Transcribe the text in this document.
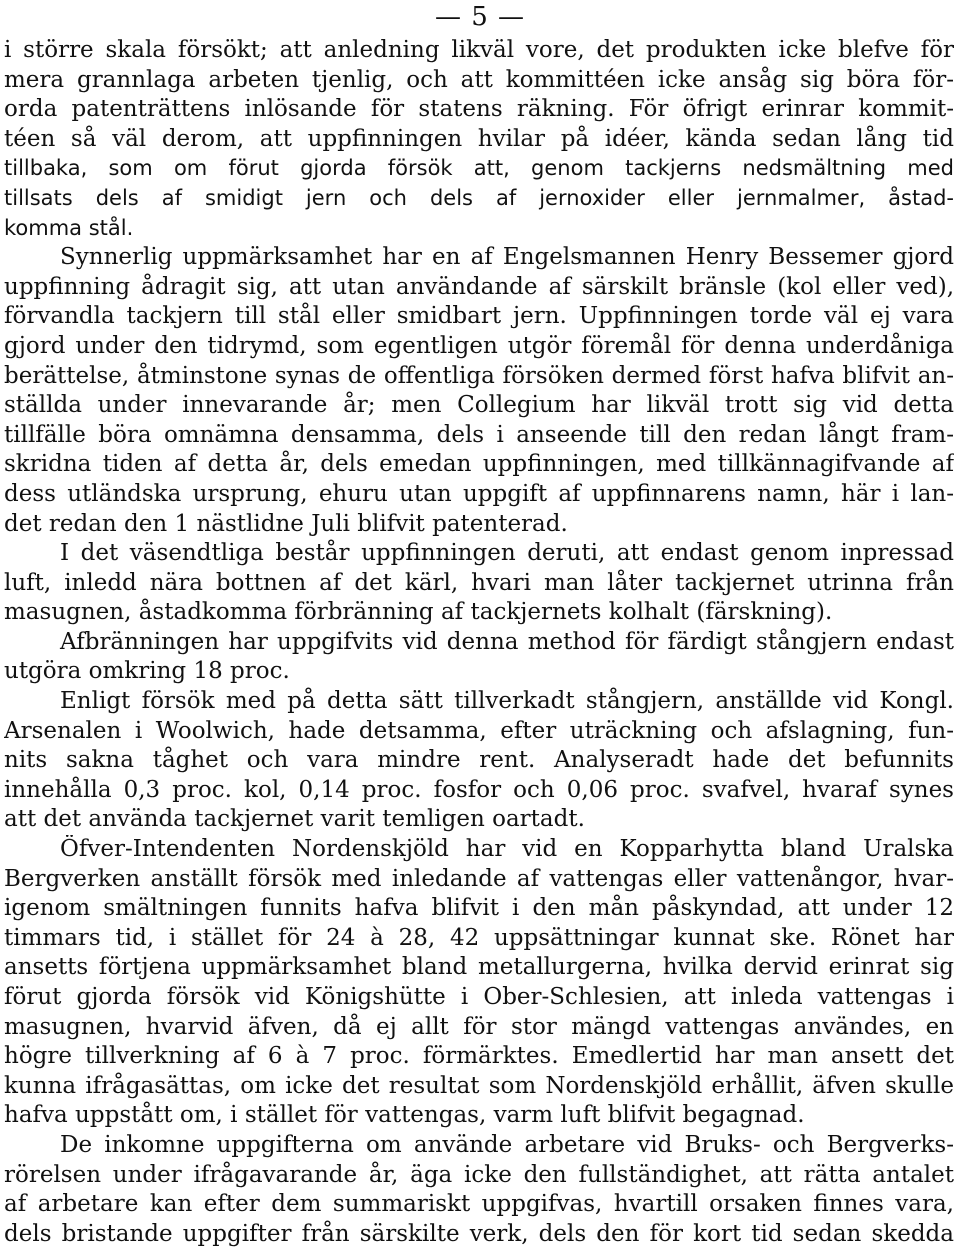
— 5 —
i större skala försökt; att anledning likväl vore, det produkten icke blefve för
mera grannlaga arbeten tjenlig, och att kommittéen icke ansåg sig böra för-
orda patenträttens inlösande för statens räkning. För öfrigt erinrar kommit-
téen så väl derom, att uppfinningen hvilar på idéer, kända sedan lång tid
tillbaka, som om förut gjorda försök att, genom tackjerns nedsmältning med
tillsats dels af smidigt jern och dels af jernoxider eller jernmalmer, åstad-
komma stål.
Synnerlig uppmärksamhet har en af Engelsmannen Henry Bessemer gjord
uppfinning ådragit sig, att utan användande af särskilt bränsle (kol eller ved),
förvandla tackjern till stål eller smidbart jern. Uppfinningen torde väl ej vara
gjord under den tidrymd, som egentligen utgör föremål för denna underdåniga
berättelse, åtminstone synas de offentliga försöken dermed först hafva blifvit an-
ställda under innevarande år; men Collegium har likväl trott sig vid detta
tillfälle böra omnämna densamma, dels i anseende till den redan långt fram-
skridna tiden af detta år, dels emedan uppfinningen, med tillkännagifvande af
dess utländska ursprung, ehuru utan uppgift af uppfinnarens namn, här i lan-
det redan den 1 nästlidne Juli blifvit patenterad.
I det väsendtliga består uppfinningen deruti, att endast genom inpressad
luft, inledd nära bottnen af det kärl, hvari man låter tackjernet utrinna från
masugnen, åstadkomma förbränning af tackjernets kolhalt (färskning).
Afbränningen har uppgifvits vid denna method för färdigt stångjern endast
utgöra omkring 18 proc.
Enligt försök med på detta sätt tillverkadt stångjern, anställde vid Kongl.
Arsenalen i Woolwich, hade detsamma, efter uträckning och afslagning, fun-
nits sakna tåghet och vara mindre rent. Analyseradt hade det befunnits
innehålla 0,3 proc. kol, 0,14 proc. fosfor och 0,06 proc. svafvel, hvaraf synes
att det använda tackjernet varit temligen oartadt.
Öfver-Intendenten Nordenskjöld har vid en Kopparhytta bland Uralska
Bergverken anställt försök med inledande af vattengas eller vattenångor, hvar-
igenom smältningen funnits hafva blifvit i den mån påskyndad, att under 12
timmars tid, i stället för 24 à 28, 42 uppsättningar kunnat ske. Rönet har
ansetts förtjena uppmärksamhet bland metallurgerna, hvilka dervid erinrat sig
förut gjorda försök vid Königshütte i Ober-Schlesien, att inleda vattengas i
masugnen, hvarvid äfven, då ej allt för stor mängd vattengas användes, en
högre tillverkning af 6 à 7 proc. förmärktes. Emedlertid har man ansett det
kunna ifrågasättas, om icke det resultat som Nordenskjöld erhållit, äfven skulle
hafva uppstått om, i stället för vattengas, varm luft blifvit begagnad.
De inkomne uppgifterna om använde arbetare vid Bruks- och Bergverks-
rörelsen under ifrågavarande år, äga icke den fullständighet, att rätta antalet
af arbetare kan efter dem summariskt uppgifvas, hvartill orsaken finnes vara,
dels bristande uppgifter från särskilte verk, dels den för kort tid sedan skedda
